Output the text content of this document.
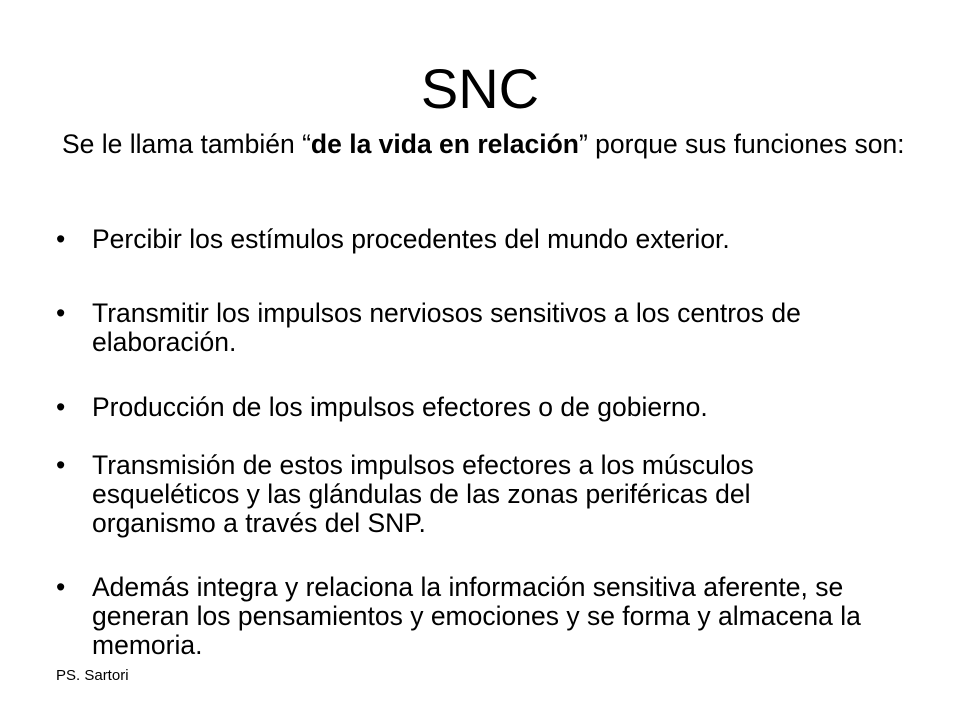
SNC

Se le llama también “de la vida en relación” porque sus funciones son:

•	Percibir los estímulos procedentes del mundo exterior.
•	Transmitir los impulsos nerviosos sensitivos a los centros de elaboración.
•	Producción de los impulsos efectores o de gobierno.
•	Transmisión de estos impulsos efectores a los músculos esqueléticos y las glándulas de las zonas periféricas del organismo a través del SNP.
•	Además integra y relaciona la información sensitiva aferente, se generan los pensamientos y emociones y se forma y almacena la memoria.
PS. Sartori
